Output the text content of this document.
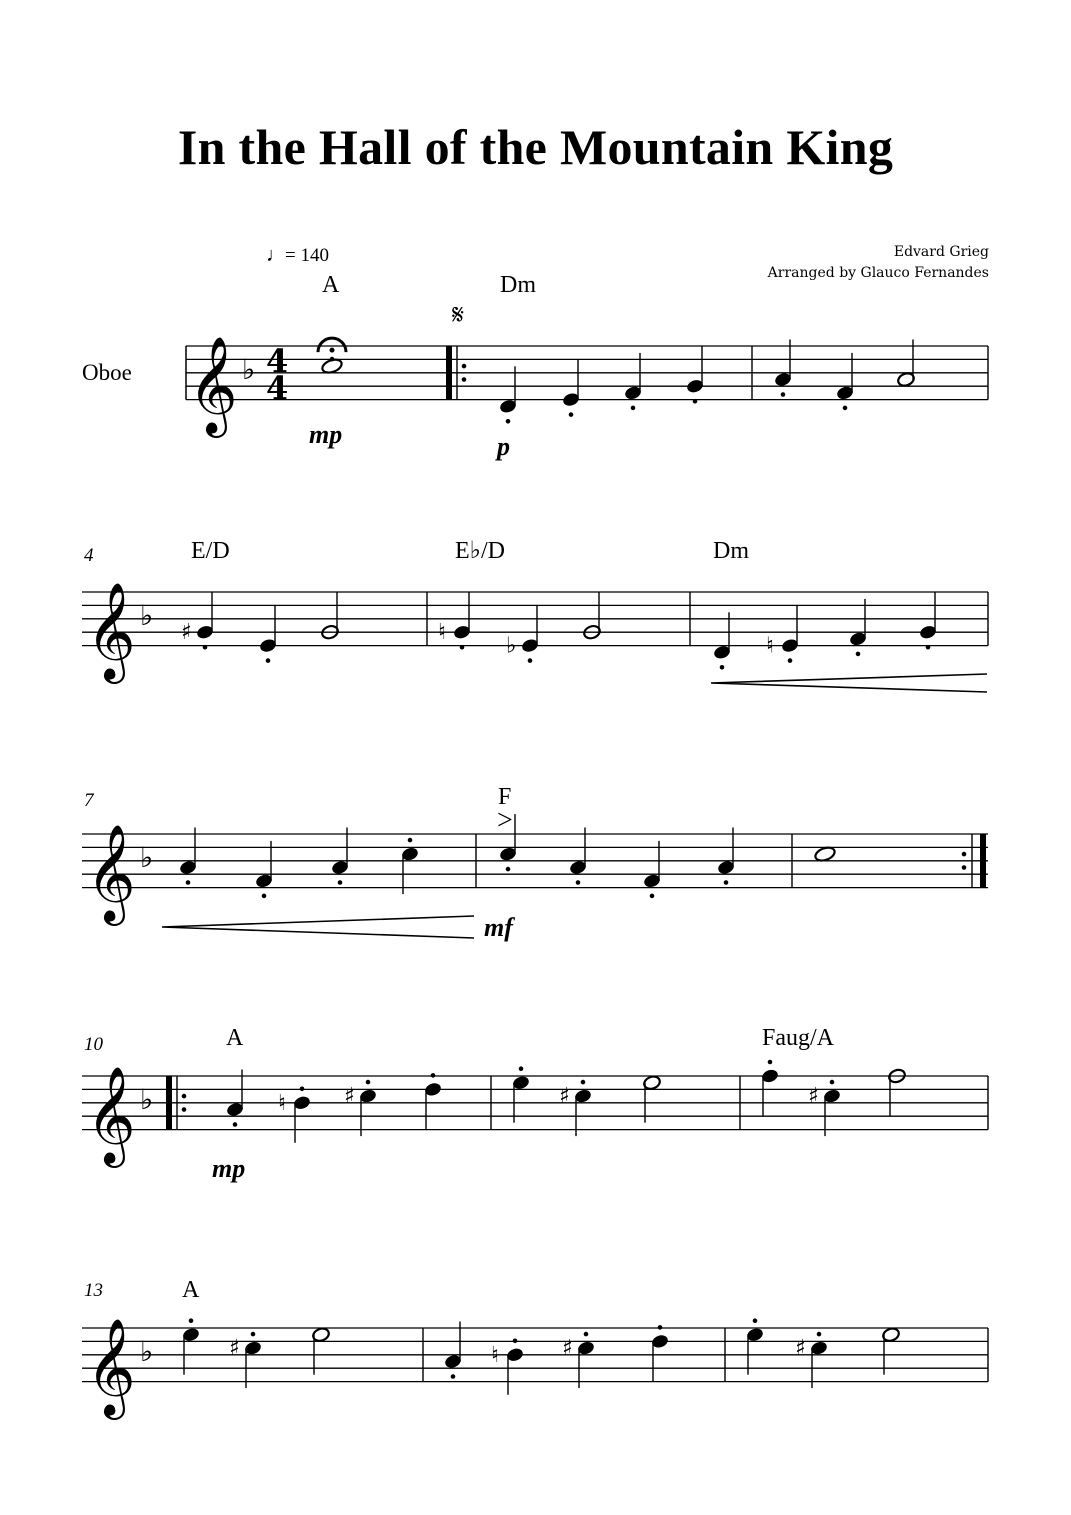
In the Hall of the Mountain King
Edvard Grieg
Arranged by Glauco Fernandes
Oboe
♩ = 140
A	Dm
E/D	E♭/D	Dm
F
A	Faug/A
A
𝄋
4
7
10
13
mp	p
mf
mp
>
𝄞 ♭ 4
4
𝄞 ♭
♯	♮
♭	♮
𝄞 ♭
𝄞 ♭	♮	♯	♯	♯
𝄞 ♭	♯	♮	♯	♯
